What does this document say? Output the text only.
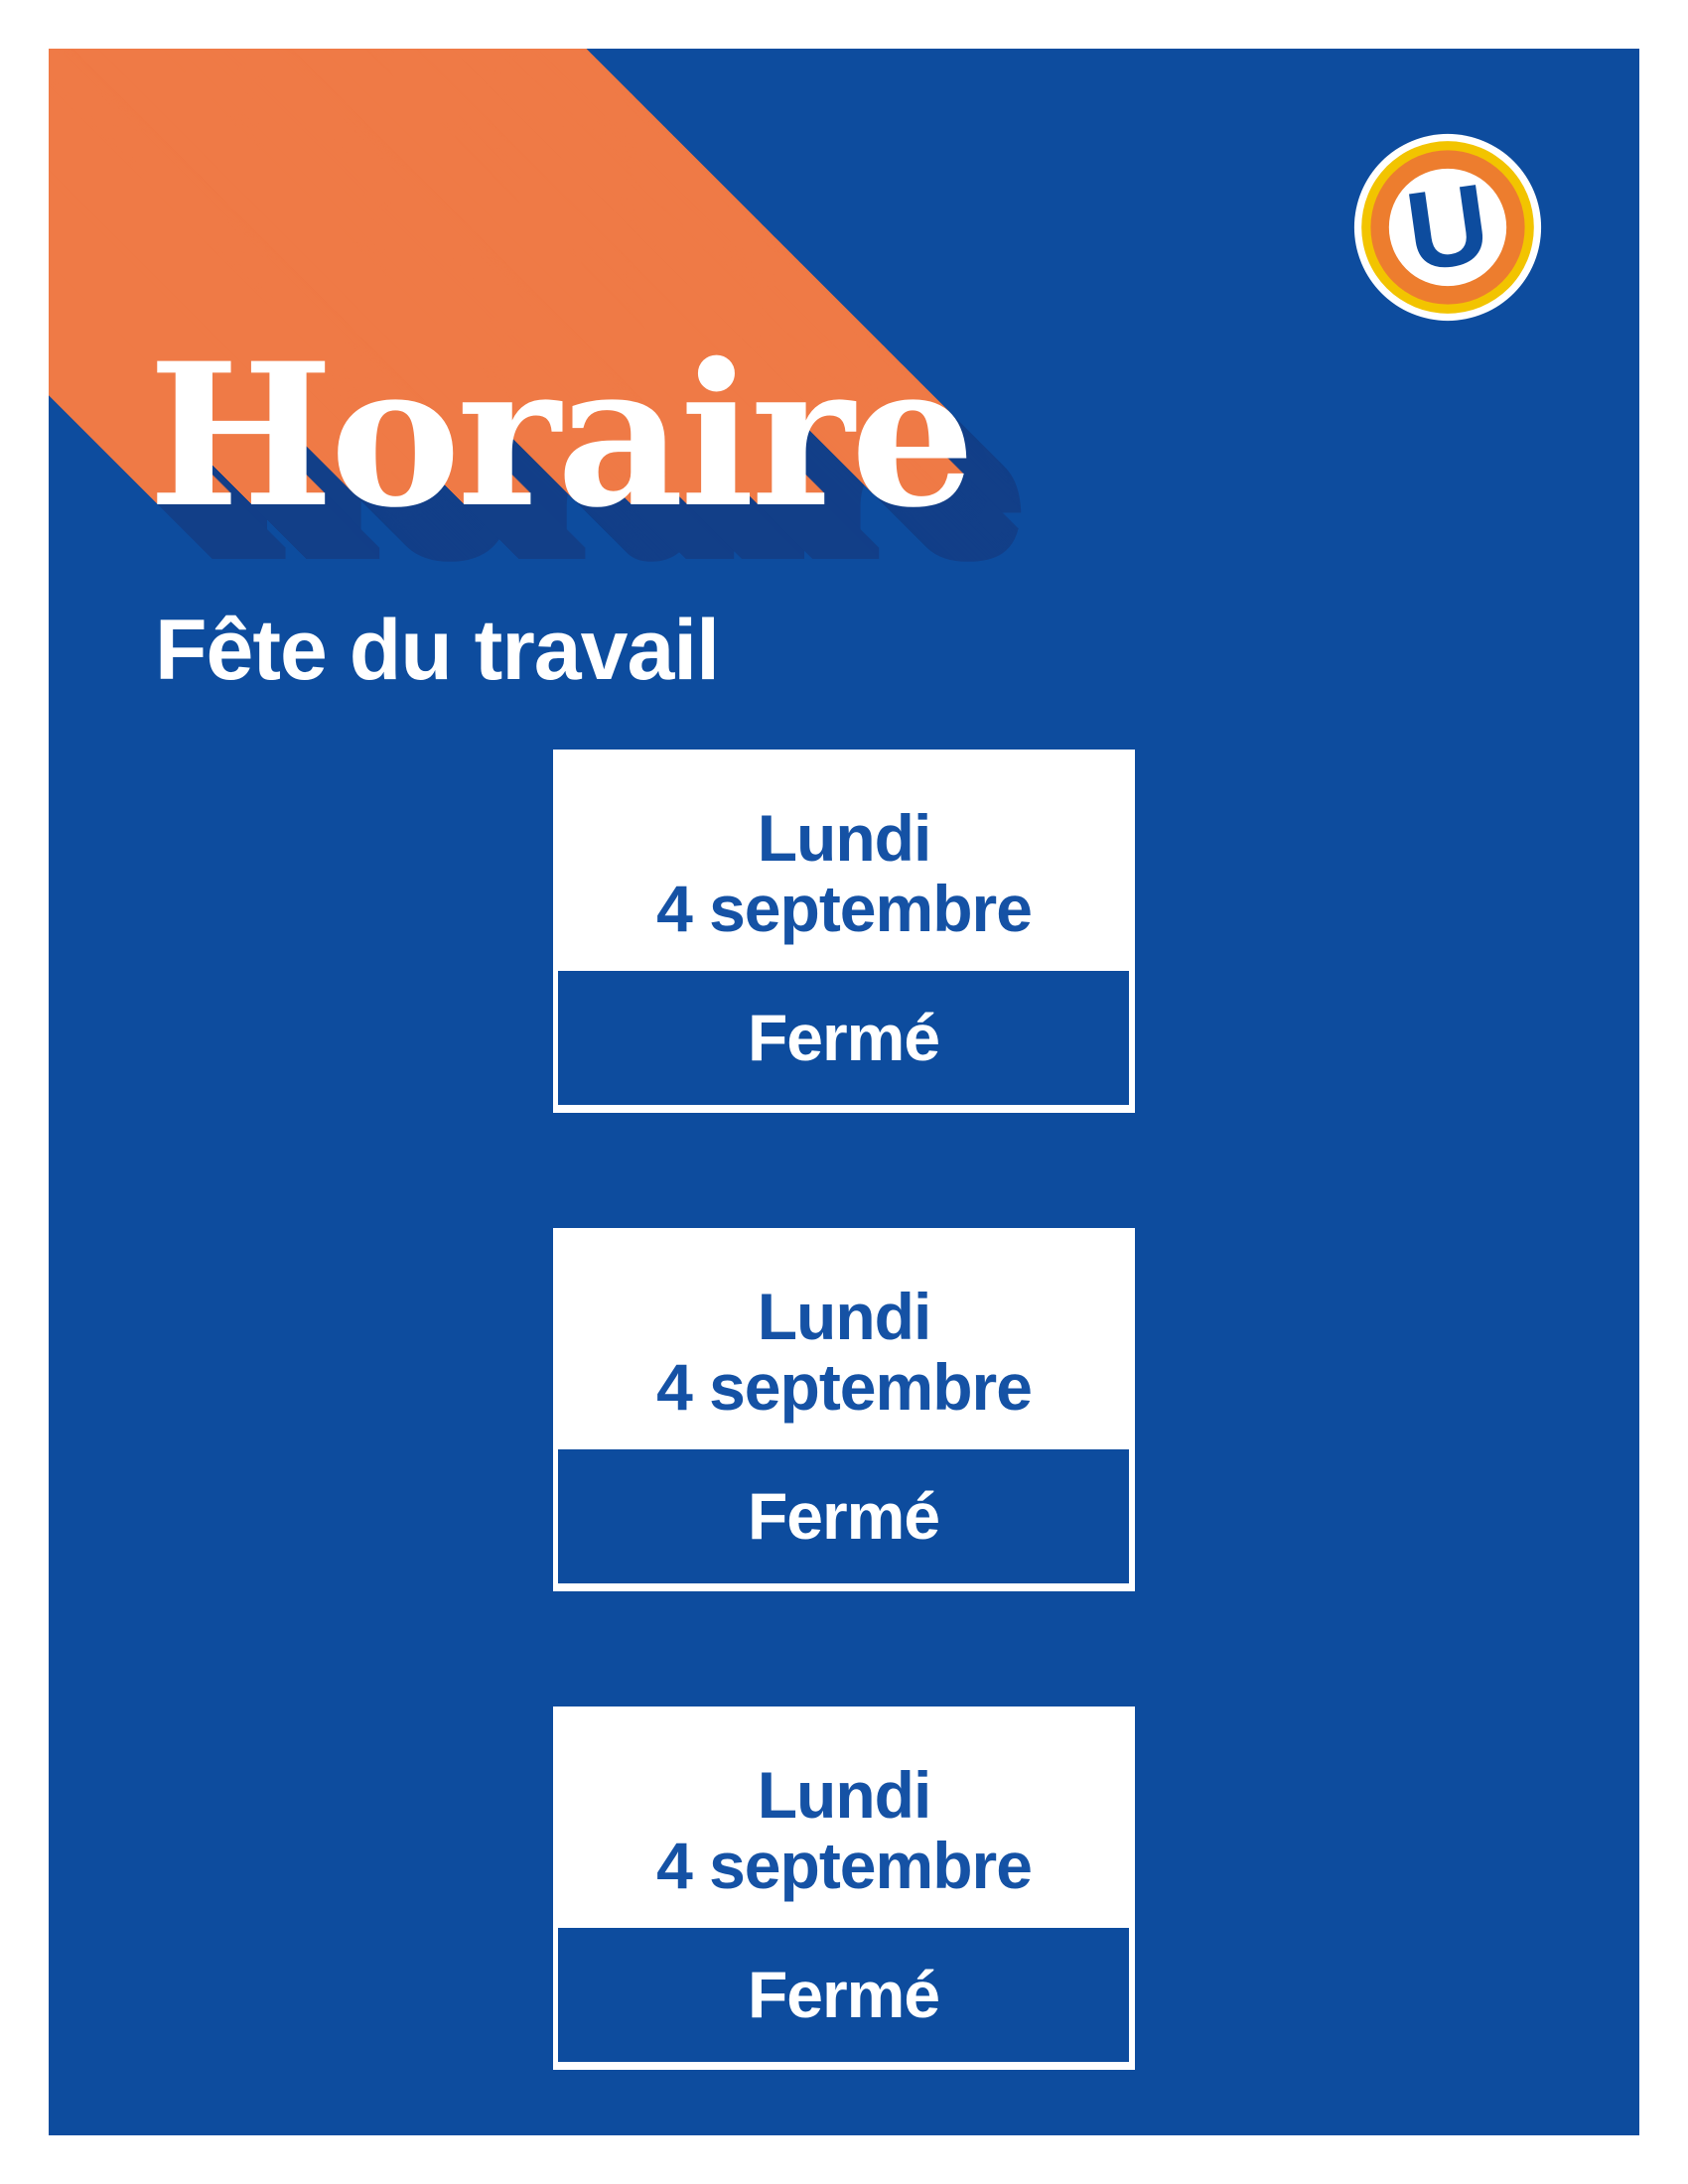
Horaire
Fête du travail
U
Lundi
4 septembre
Fermé
Lundi
4 septembre
Fermé
Lundi
4 septembre
Fermé
